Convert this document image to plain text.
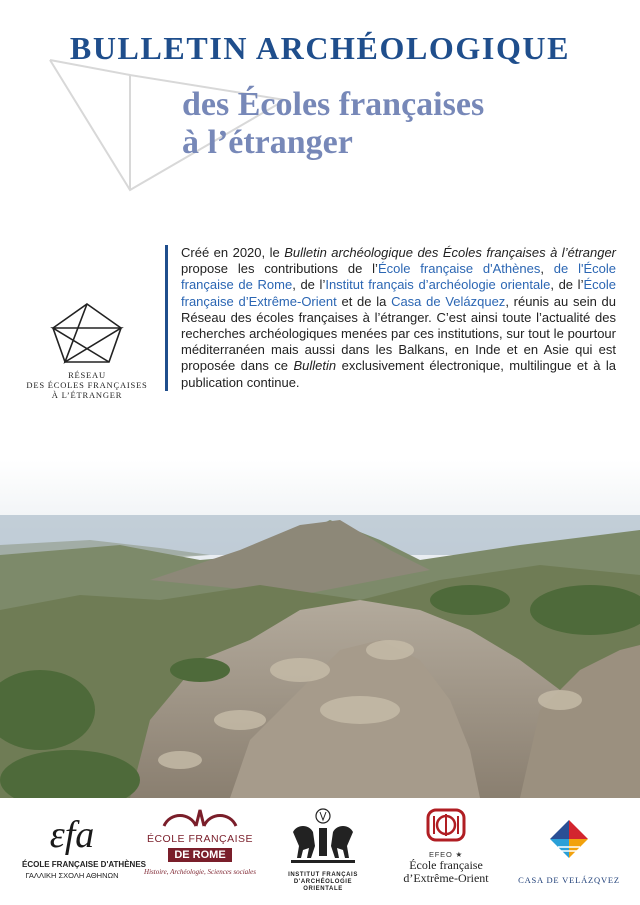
BULLETIN ARCHÉOLOGIQUE
des Écoles françaises
à l’étranger
RÉSEAU
DES ÉCOLES FRANÇAISES
À L’ÉTRANGER
Créé en 2020, le Bulletin archéologique des Écoles françaises à l’étranger propose les contributions de l’École française d'Athènes, de l'École française de Rome, de l’Institut français d’archéologie orientale, de l’École française d’Extrême-Orient et de la Casa de Velázquez, réunis au sein du Réseau des écoles françaises à l’étranger. C’est ainsi toute l’actualité des recherches archéologiques menées par ces institutions, sur tout le pourtour méditerranéen mais aussi dans les Balkans, en Inde et en Asie qui est proposée dans ce Bulletin exclusivement électronique, multilingue et à la publication continue.
εfa
ÉCOLE FRANÇAISE D'ATHÈNES
ΓΑΛΛΙΚΗ ΣΧΟΛΗ ΑΘΗΝΩΝ
ÉCOLE FRANÇAISE
DE ROME
Histoire, Archéologie, Sciences sociales	INSTITUT FRANÇAIS
D'ARCHÉOLOGIE ORIENTALE
EFEO ★
École française
d’Extrême-Orient	CASA DE VELÁZQVEZ
